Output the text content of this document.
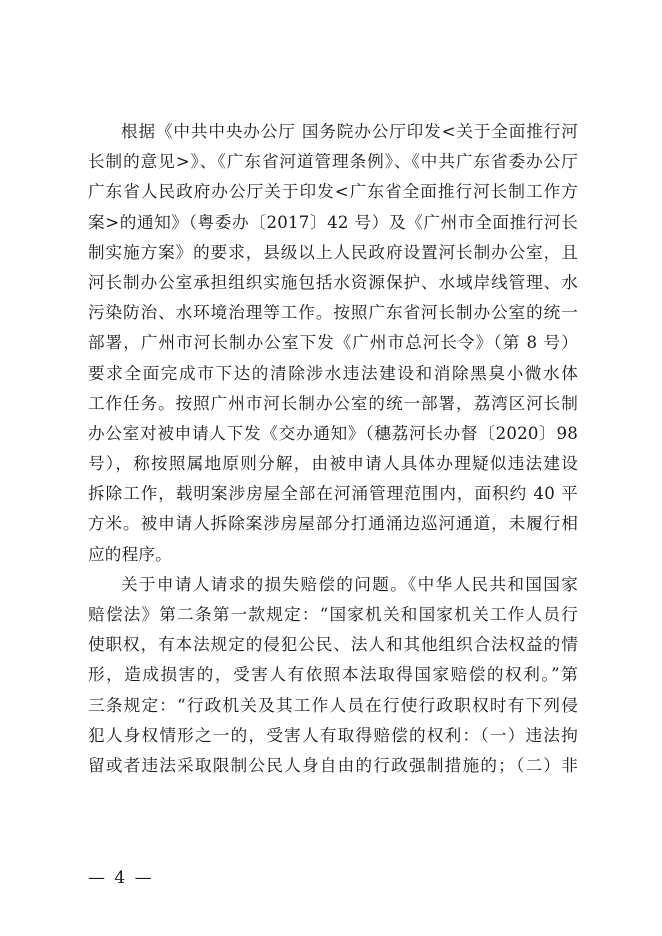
根据《中共中央办公厅 国务院办公厅印发<关于全面推行河
长制的意见>》、《广东省河道管理条例》、《中共广东省委办公厅
广东省人民政府办公厅关于印发<广东省全面推行河长制工作方
案>的通知》（粤委办〔2017〕42 号）及《广州市全面推行河长
制实施方案》的要求，县级以上人民政府设置河长制办公室，且
河长制办公室承担组织实施包括水资源保护、水域岸线管理、水
污染防治、水环境治理等工作。按照广东省河长制办公室的统一
部署，广州市河长制办公室下发《广州市总河长令》（第 8 号）
要求全面完成市下达的清除涉水违法建设和消除黑臭小微水体
工作任务。按照广州市河长制办公室的统一部署，荔湾区河长制
办公室对被申请人下发《交办通知》（穗荔河长办督〔2020〕98
号），称按照属地原则分解，由被申请人具体办理疑似违法建设
拆除工作，载明案涉房屋全部在河涌管理范围内，面积约 40 平
方米。被申请人拆除案涉房屋部分打通涌边巡河通道，未履行相
应的程序。
关于申请人请求的损失赔偿的问题。《中华人民共和国国家
赔偿法》第二条第一款规定：“国家机关和国家机关工作人员行
使职权，有本法规定的侵犯公民、法人和其他组织合法权益的情
形，造成损害的，受害人有依照本法取得国家赔偿的权利。”第
三条规定：“行政机关及其工作人员在行使行政职权时有下列侵
犯人身权情形之一的，受害人有取得赔偿的权利：（一）违法拘
留或者违法采取限制公民人身自由的行政强制措施的；（二）非
— 4 —
